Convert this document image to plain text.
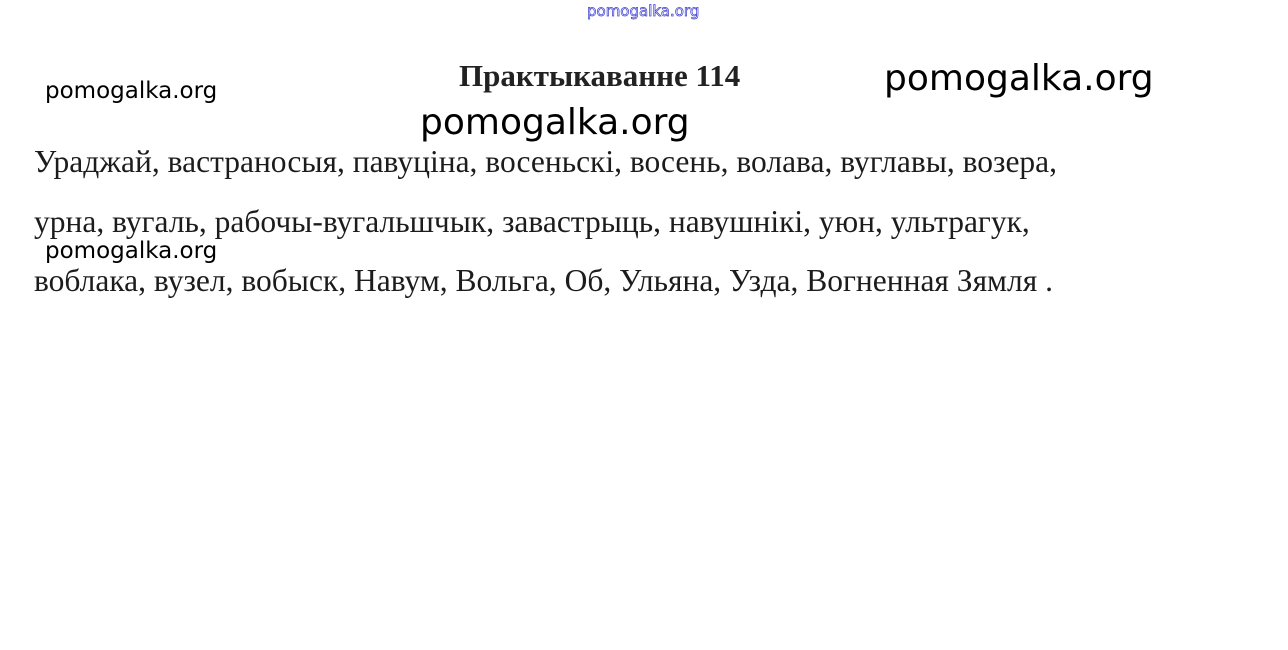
pomogalka.org
pomogalka.org	Практыкаванне 114	pomogalka.org
pomogalka.org
Ураджай, вастраносыя, павуціна, восеньскі, восень, волава, вуглавы, возера,
урна, вугаль, рабочы-вугальшчык, завастрыць, навушнікі, уюн, ультрагук,
pomogalka.org
воблака, вузел, вобыск, Навум, Вольга, Об, Ульяна, Узда, Вогненная Зямля .
